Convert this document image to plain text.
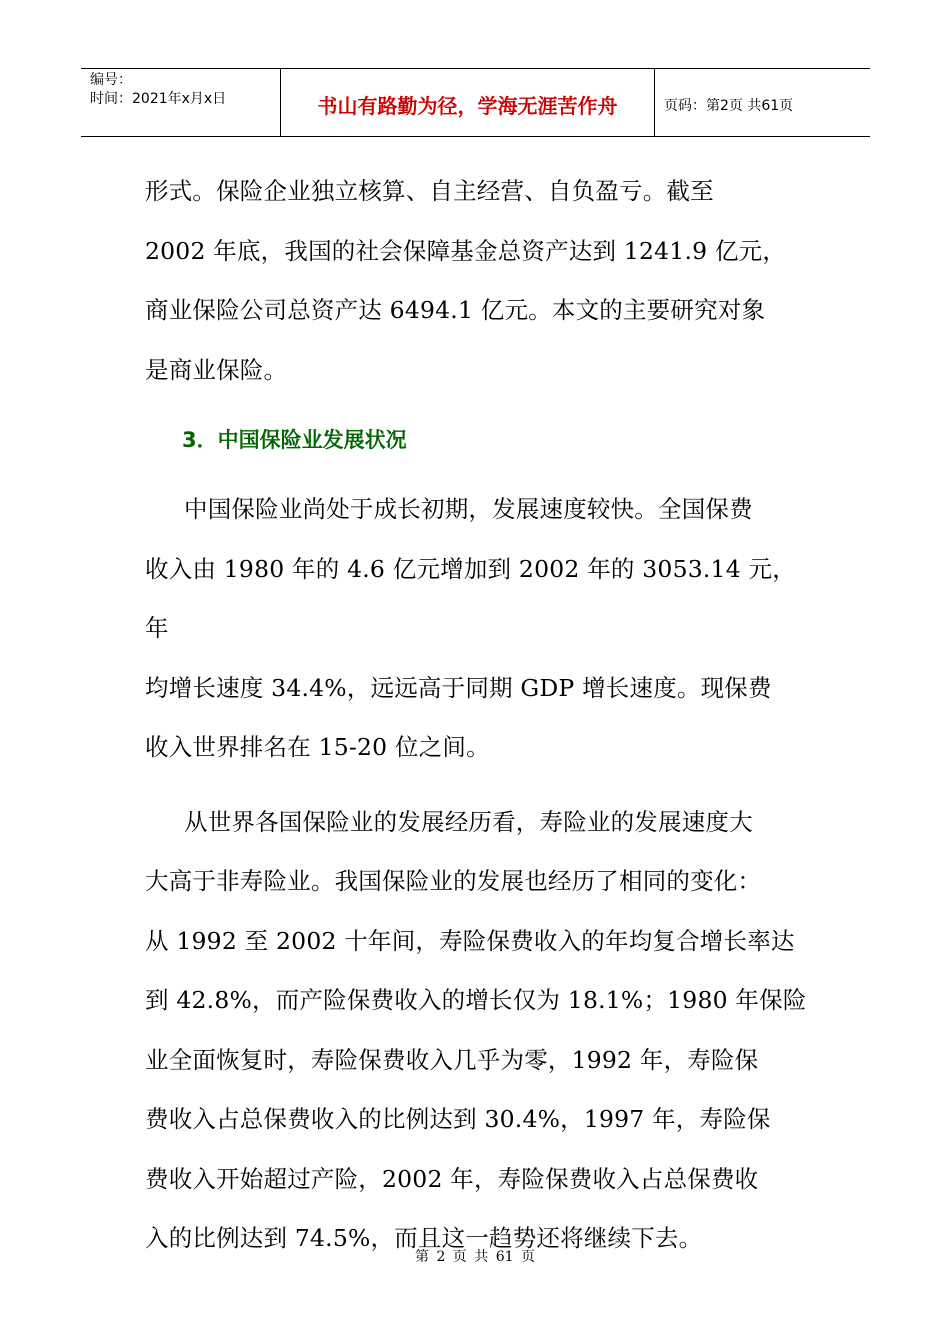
编号：
时间：2021年x月x日	书山有路勤为径，学海无涯苦作舟	页码：第2页 共61页

形式。保险企业独立核算、自主经营、自负盈亏。截至

2002 年底，我国的社会保障基金总资产达到 1241.9 亿元，

商业保险公司总资产达 6494.1 亿元。本文的主要研究对象

是商业保险。

3．中国保险业发展状况

中国保险业尚处于成长初期，发展速度较快。全国保费

收入由 1980 年的 4.6 亿元增加到 2002 年的 3053.14 元，年

均增长速度 34.4%，远远高于同期 GDP 增长速度。现保费

收入世界排名在 15-20 位之间。

从世界各国保险业的发展经历看，寿险业的发展速度大

大高于非寿险业。我国保险业的发展也经历了相同的变化：

从 1992 至 2002 十年间，寿险保费收入的年均复合增长率达

到 42.8%，而产险保费收入的增长仅为 18.1%；1980 年保险

业全面恢复时，寿险保费收入几乎为零，1992 年，寿险保

费收入占总保费收入的比例达到 30.4%，1997 年，寿险保

费收入开始超过产险，2002 年，寿险保费收入占总保费收

入的比例达到 74.5%，而且这一趋势还将继续下去。

第 2 页 共 61 页
